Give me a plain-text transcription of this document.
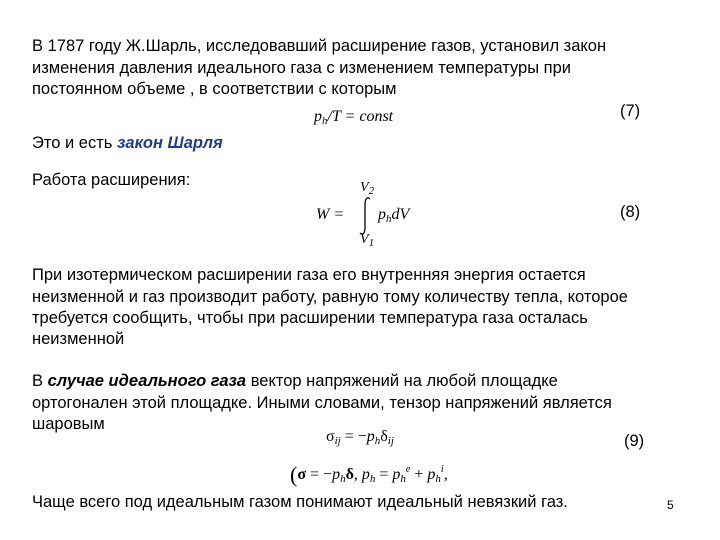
В 1787 году Ж.Шарль, исследовавший расширение газов, установил закон
изменения давления идеального газа с изменением температуры при
постоянном объеме , в соответствии с которым
$p_h/T$ = const	(7)
Это и есть закон Шарля
Работа расширения:
W =
$V_2$
$V_1$
$p_hdV$	(8)
При изотермическом расширении газа его внутренняя энергия остается
неизменной и газ производит работу, равную тому количеству тепла, которое
требуется сообщить, чтобы при расширении температура газа осталась
неизменной
В случае идеального газа вектор напряжений на любой площадке
ортогонален этой площадке. Иными словами, тензор напряжений является
шаровым
$\sigma_{ij} = -p_h\delta_{ij}$	(9)
($\sigma = -p_h\delta$, $p_h = p_h^e + p_h^i$,
Чаще всего под идеальным газом понимают идеальный невязкий газ.	5
